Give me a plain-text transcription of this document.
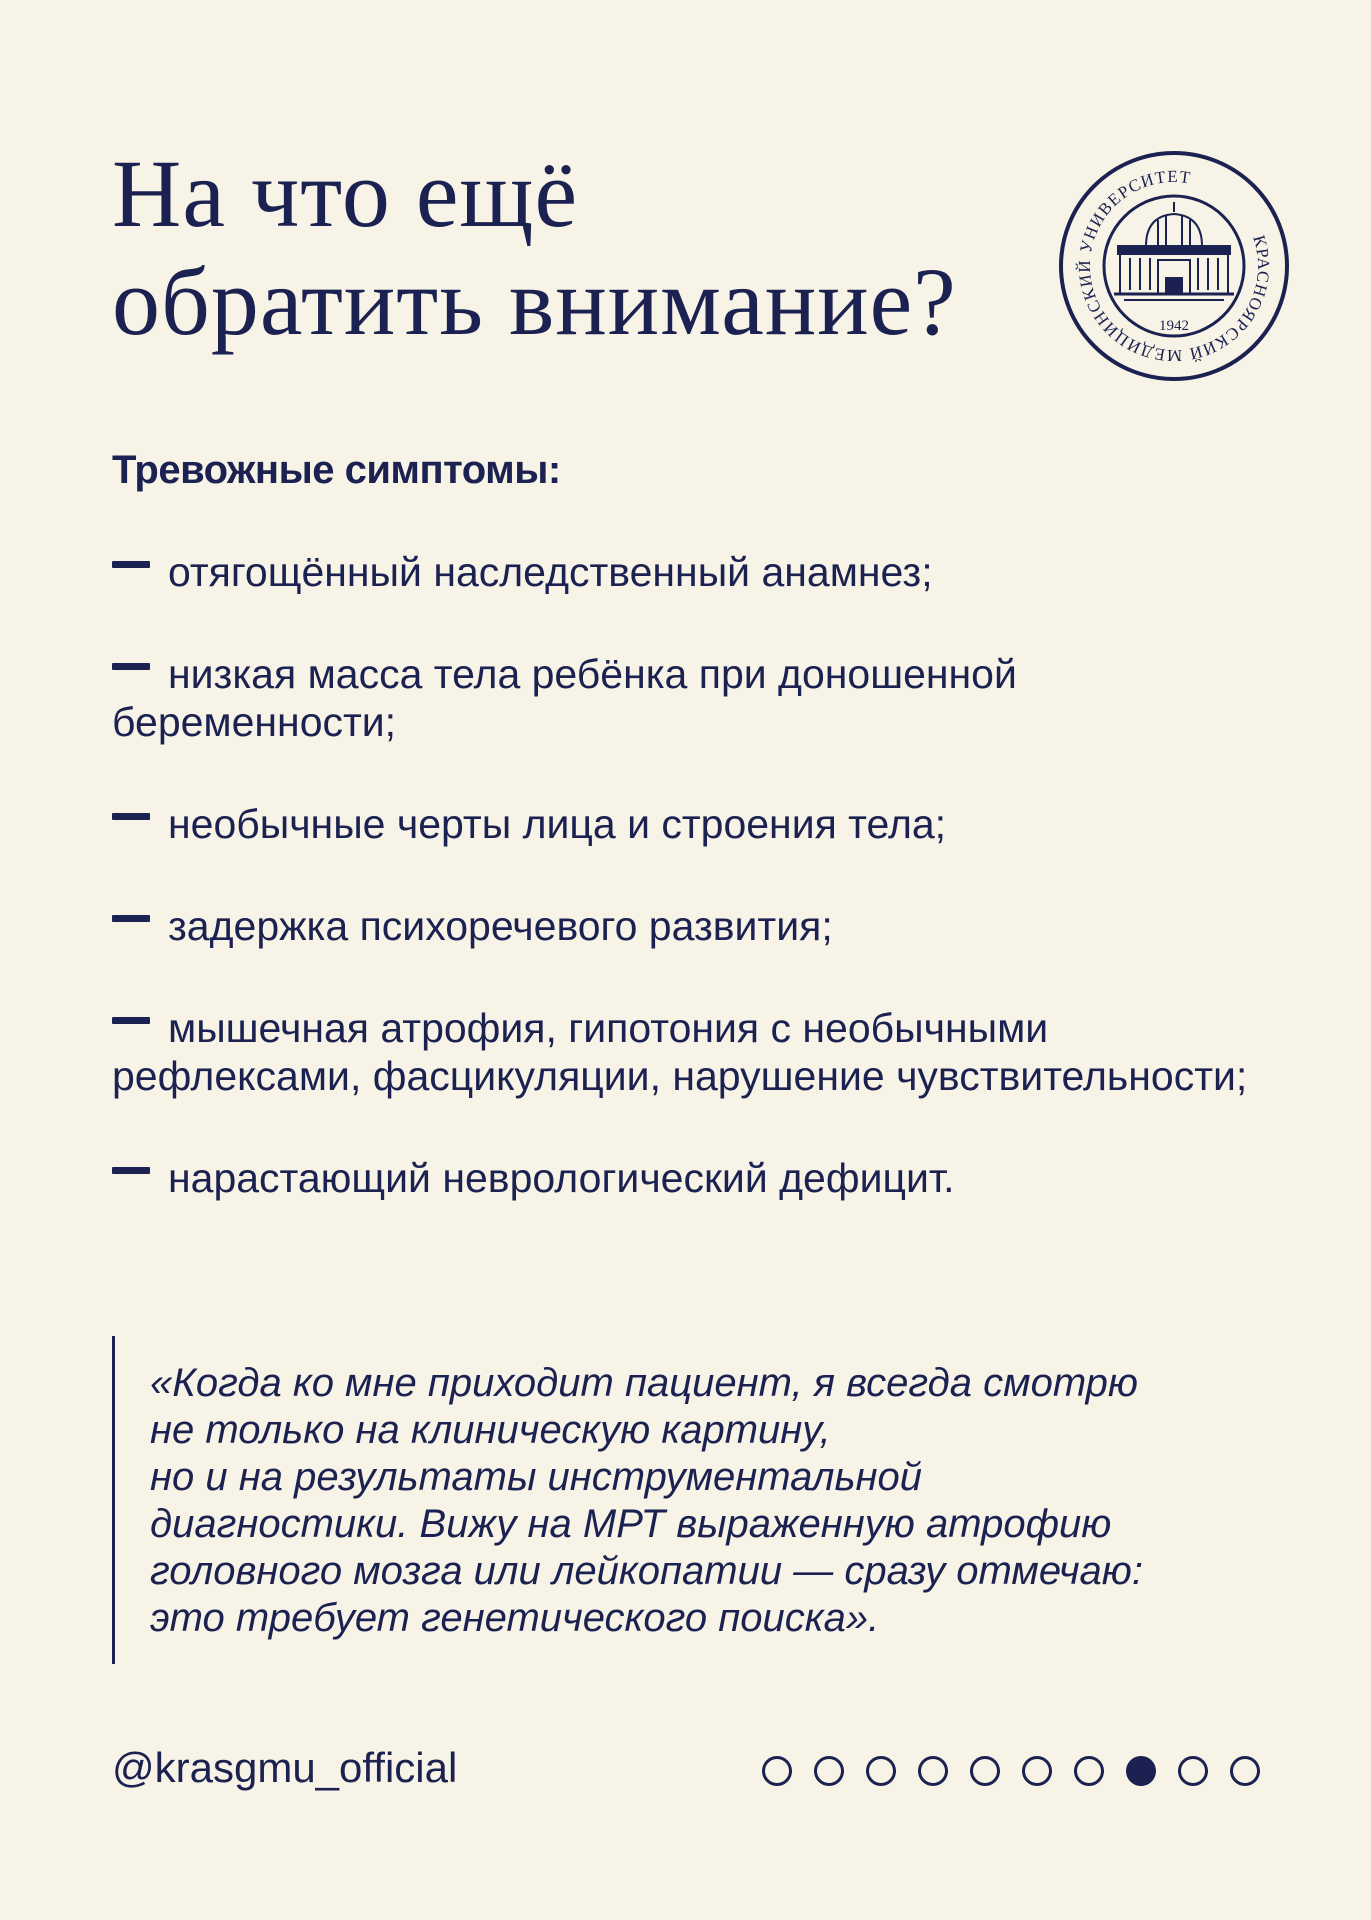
На что ещё
обратить внимание?
КРАСНОЯРСКИЙ МЕДИЦИНСКИЙ УНИВЕРСИТЕТ
1942
Тревожные симптомы:
отягощённый наследственный анамнез;
низкая масса тела ребёнка при доношенной беременности;
необычные черты лица и строения тела;
задержка психоречевого развития;
мышечная атрофия, гипотония с необычными рефлексами, фасцикуляции, нарушение чувствительности;
нарастающий неврологический дефицит.

«Когда ко мне приходит пациент, я всегда смотрю
не только на клиническую картину,
но и на результаты инструментальной
диагностики. Вижу на МРТ выраженную атрофию
головного мозга или лейкопатии — сразу отмечаю:
это требует генетического поиска».

@krasgmu_official
